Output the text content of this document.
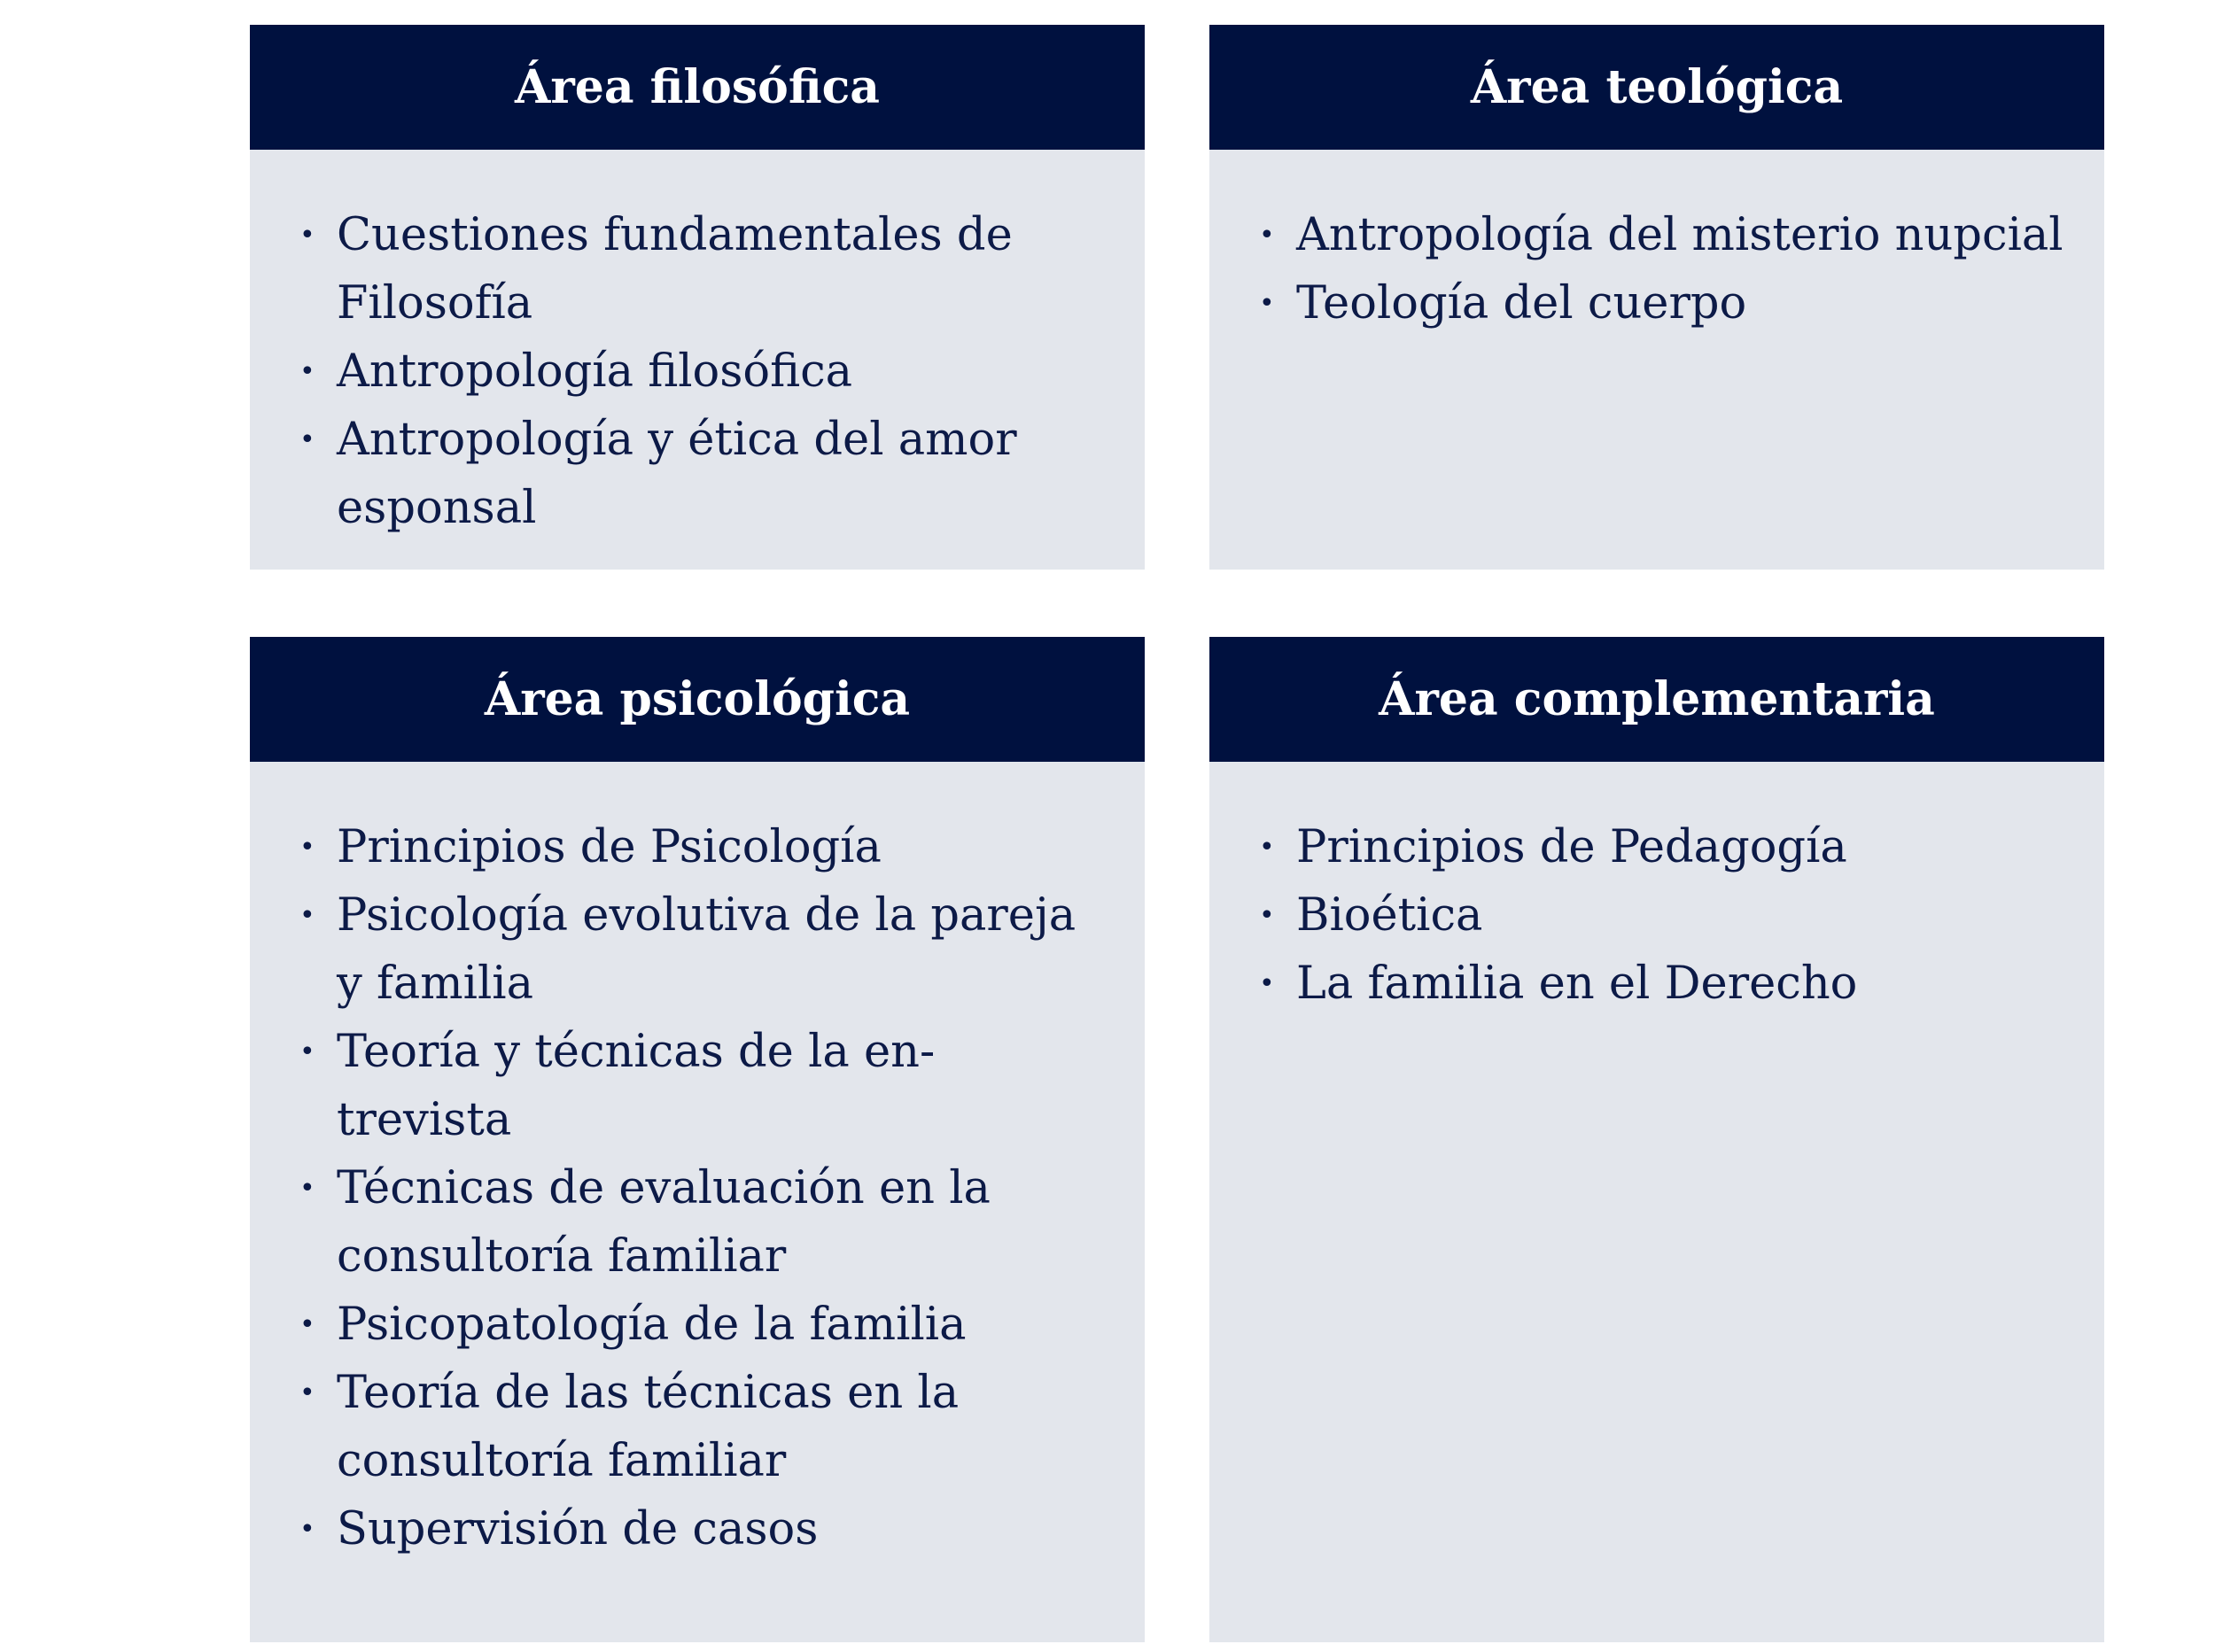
Área filosófica
• Cuestiones fundamentales de Filosofía
• Antropología filosófica
• Antropología y ética del amor esponsal
Área teológica
• Antropología del misterio nupcial
• Teología del cuerpo
Área psicológica
• Principios de Psicología
• Psicología evolutiva de la pareja y familia
• Teoría y técnicas de la en-trevista
• Técnicas de evaluación en la consultoría familiar
• Psicopatología de la familia
• Teoría de las técnicas en la consultoría familiar
• Supervisión de casos
Área complementaria
• Principios de Pedagogía
• Bioética
• La familia en el Derecho
